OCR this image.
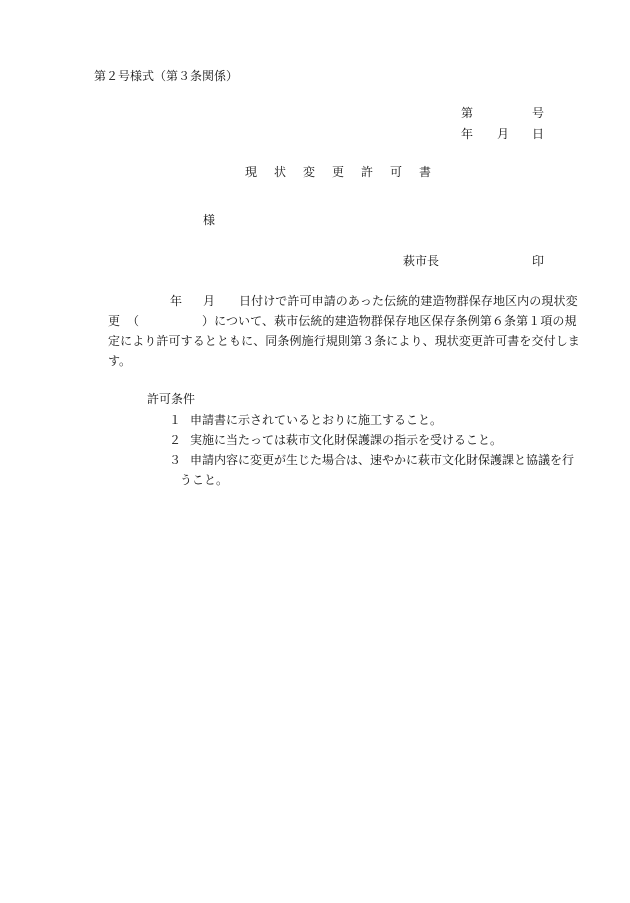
第２号様式（第３条関係）
第	号
年 月 日
現状変更許可書
様
萩市長	印
年 月 日付けで許可申請のあった伝統的建造物群保存地区内の現状変
更（	）について、萩市伝統的建造物群保存地区保存条例第６条第１項の規
定により許可するとともに、同条例施行規則第３条により、現状変更許可書を交付しま
す。
許可条件
１ 申請書に示されているとおりに施工すること。
２ 実施に当たっては萩市文化財保護課の指示を受けること。
３ 申請内容に変更が生じた場合は、速やかに萩市文化財保護課と協議を行
うこと。
